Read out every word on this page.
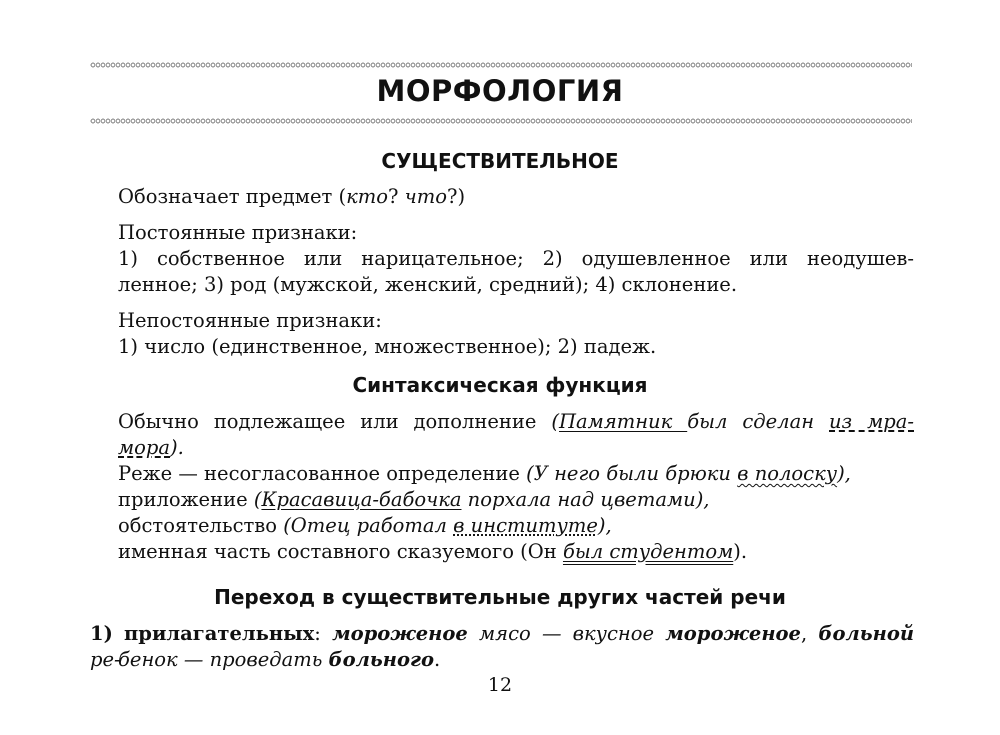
МОРФОЛОГИЯ
СУЩЕСТВИТЕЛЬНОЕ
Обозначает предмет (кто? что?)
Постоянные признаки:
1) собственное или нарицательное; 2) одушевленное или неодушев-
ленное; 3) род (мужской, женский, средний); 4) склонение.
Непостоянные признаки:
1) число (единственное, множественное); 2) падеж.
Синтаксическая функция
Обычно подлежащее или дополнение (Памятник был сделан из мра-
мора).
Реже — несогласованное определение (У него были брюки в полоску),
приложение (Красавица-бабочка порхала над цветами),
обстоятельство (Отец работал в институте),
именная часть составного сказуемого (Он был студентом).
Переход в существительные других частей речи
1) прилагательных: мороженое мясо — вкусное мороженое, больной ре-
бенок — проведать больного.
12
